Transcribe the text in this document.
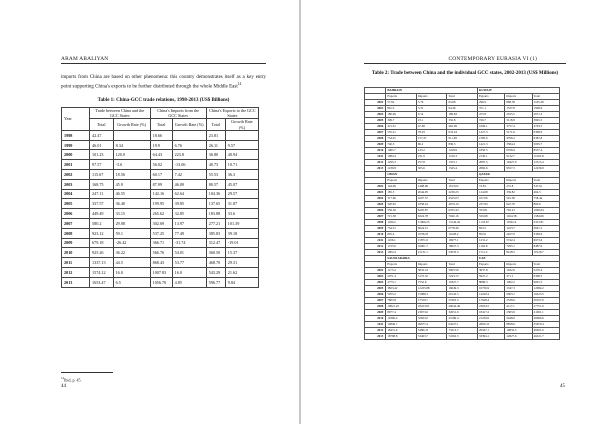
ARAM ABALIYAN

imports from China are based on other phenomena: this country demonstrates itself as a key entry point supporting China's exports to be further distributed through the whole Middle East$^{14}$

Table 1: China-GCC trade relations, 1998-2013 (US$ Billions)
Year	Trade between China and the GCC States		China's Imports from the GCC States		China's Exports to the GCC States	
	Total	Growth Rate (%)	Total	Growth Rate (%)	Total	Growth Rate (%)
1998	42.47		18.66		23.81	
1999	46.01	8.34	19.9	6.76	26.11	9.57
2000	101.23	120.0	64.43	223.8	36.80	40.94
2001	97.57	-3.6	56.02	-13.06	40.73	10.71
2002	115.67	18.56	60.17	7.42	55.53	36.3
2003	168.75	45.9	87.99	46.09	80.57	45.07
2004	247.11	46.55	142.16	62.64	104.36	29.57
2005	337.57	36.40	199.95	39.85	137.65	31.87
2006	449.49	33.15	265.62	32.85	183.88	33.6
2007	580.2	29.08	302.69	13.97	277.21	101.39
2008	923.12	59.1	537.25	77.49	385.83	39.18
2009	679.18	-26.42	366.71	-31.74	312.47	-19.01
2010	925.26	36.22	566.76	54.01	360.50	15.37
2011	1337.13	44.5	868.43	53.77	468.70	29.31
2012	1574.12	16.0	1007.83	16.0	543.29	21.62
2013	1653.47	6.5	1056.70	4.85	596.77	9.84
$^{14}$Ibid, p. 45.
44
CONTEMPORARY EURASIA VI (1)
Table 2: Trade between China and the individual GCC states, 2002-2013 (US$ Millions)
	BAHRAIN			KUWAIT		
	Exports	Imports	Total	Exports	Imports	Total
2002	57.92	5.76	63.68	296.9	868.38	1165.28
2003	89.15	5.31	94.46	371.1	1537.8	1908.9
2004	180.69	9.14	189.83	475.8	2195.5	2671.3
2005	309.7	23.1	332.8	726.7	3118.8	3845.5
2006	415.01	47.68	462.69	1006.1	3757.4	4763.5
2007	555.21	78.03	633.24	1227.3	5171.6	6398.9
2008	754.01	157.47	911.48	1585.6	4796.2	6381.8
2009	740.3	96.2	836.5	1421.3	3584.4	5005.7
2010	1085.7	143.2	1228.9	1850.5	6706.9	8557.4
2011	1084.4	231.9	1316.3	2130.1	9132.7	11262.8
2012	1295.3	257.8	1553.1	2087.5	10427.9	12515.4
2013	1239.8	305.6	1545.4	2682.6	9557.3	12239.9
	OMAN			QATAR		
	Exports	Imports	Total	Exports	Imports	Total
2002	144.06	1468.96	1613.02	74.81	272.8	347.61
2003	185.3	2044.95	2230.25	124.68	339.82	464.5
2004	317.66	4207.37	4525.03	167.06	591.38	758.44
2005	320.95	4358.24	4679.19	237.84	622.76	860.6
2006	559.56	6205.87	6765.43	333.81	765.23	1099.04
2007	715.38	6324.78	7040.16	559.68	1024.38	1584.06
2008	1184.2	11960.25	13144.45	1133.67	1180.14	2313.81
2009	754.31	6024.15	6778.46	823.5	1223.7	2047.2
2010	845.4	10782.8	11628.2	852.6	2457.0	3309.6
2011	1106.1	15871.0	16977.1	1231.2	5742.4	6973.6
2012	1725.6	16901.7	18627.3	1192.8	7295.1	8487.9
2013	1902.4	21131.1	23033.5	1711.2	8418.5	10129.7
	SAUDI ARABIA			UAE		
	Exports	Imports	Total	Exports	Imports	Total
2002	1173.4	3832.19	5005.59	3637.8	1632.6	5270.4
2003	2071.4	5172.32	7243.72	5937.2	371.1	6308.3
2004	2775.1	7552.6	10327.7	8089.3	1002.2	9091.5
2005	3823.42	12225.88	16049.3	10736.9	1347.3	12084.2
2006	5055.2	15088.3	20143.5	14220.4	2003.1	16223.5
2007	7803.8	17559.7	25363.5	17628.4	2538.6	20167.0
2008	10821.45	18223.01	29044.46	23634.5	4117.1	27751.6
2009	8977.4	23673.6	32651.0	18417.2	2583.9	21001.1
2010	10366.4	32823.0	43189.4	21236.6	5448.0	26684.6
2011	14849.7	49677.4	64527.1	26811.8	8858.6	35670.4
2012	18451.9	54861.8	73313.7	29567.1	10834.5	40401.6
2013	18798.8	53463.7	72262.5	33394.1	12827.6	46221.7
45
